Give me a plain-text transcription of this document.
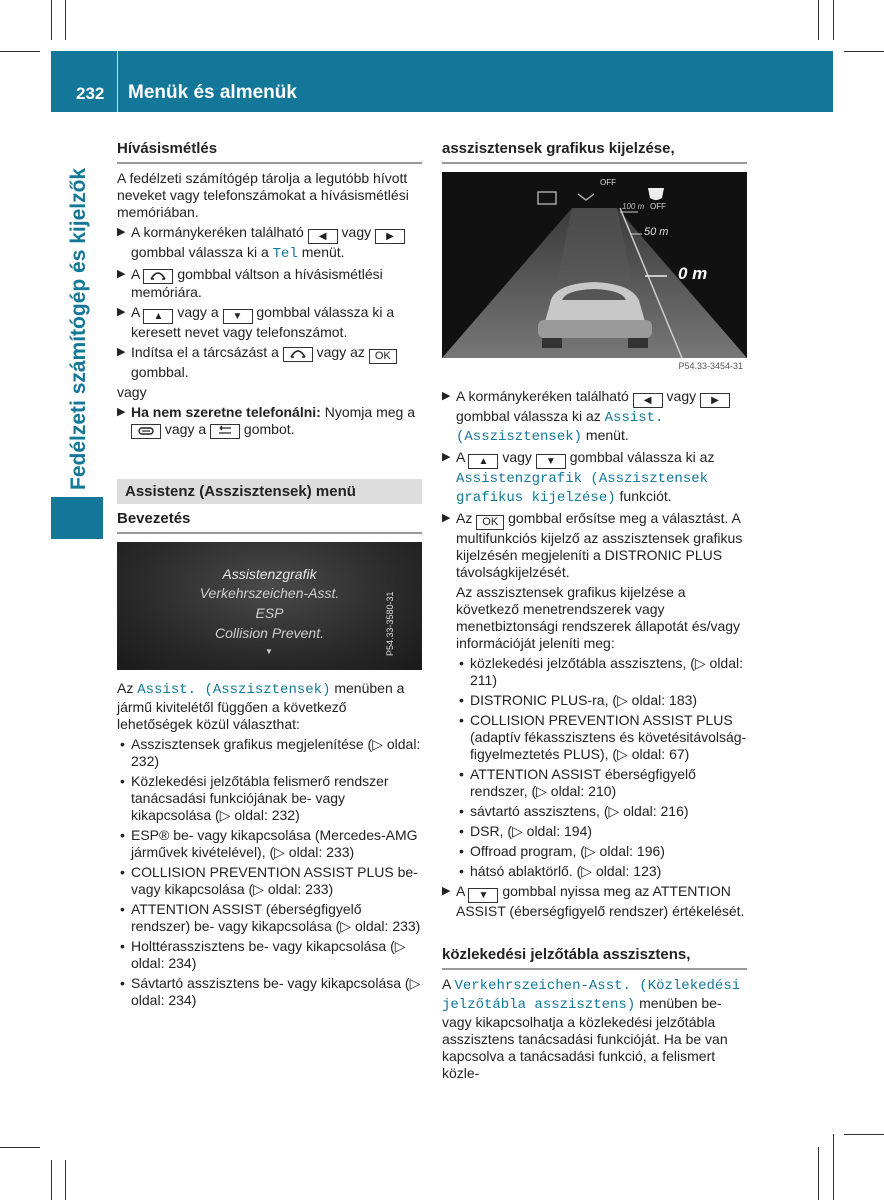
232 Menük és almenük
Fedélzeti számítógép és kijelzők
Hívásismétlés

A fedélzeti számítógép tárolja a legutóbb hívott neveket vagy telefonszámokat a hívásismétlési memóriában.

▶ A kormánykeréken található ◀ vagy ▶ gombbal válassza ki a Tel menüt.
▶ A	gombbal váltson a hívásismétlési memóriára.
▶ A ▲ vagy a ▼ gombbal válassza ki a keresett nevet vagy telefonszámot.
▶ Indítsa el a tárcsázást a	vagy az OK gombbal.

vagy

▶ Ha nem szeretne telefonálni: Nyomja meg a  vagy a	gombot.
Assistenz (Asszisztensek) menü
Bevezetés
Assistenzgrafik
Verkehrszeichen-Asst.
ESP
Collision Prevent.
▼	P54.33-3580-31

Az Assist. (Asszisztensek) menüben a jármű kivitelétől függően a következő lehetőségek közül választhat:

• Asszisztensek grafikus megjelenítése (▷ oldal: 232)
• Közlekedési jelzőtábla felismerő rendszer tanácsadási funkciójának be- vagy kikapcsolása (▷ oldal: 232)
• ESP® be- vagy kikapcsolása (Mercedes-AMG járművek kivételével), (▷ oldal: 233)
• COLLISION PREVENTION ASSIST PLUS be- vagy kikapcsolása (▷ oldal: 233)
• ATTENTION ASSIST (éberségfigyelő rendszer) be- vagy kikapcsolása (▷ oldal: 233)
• Holttérasszisztens be- vagy kikapcsolása (▷ oldal: 234)
• Sávtartó asszisztens be- vagy kikapcsolása (▷ oldal: 234)
asszisztensek grafikus kijelzése,
OFF
OFF
100 m
50 m
0 m
P54.33-3454-31
▶ A kormánykeréken található ◀ vagy ▶ gombbal válassza ki az Assist. (Asszisztensek) menüt.
▶ A ▲ vagy ▼ gombbal válassza ki az Assistenzgrafik (Asszisztensek grafikus kijelzése) funkciót.
▶ Az OK gombbal erősítse meg a választást. A multifunkciós kijelző az asszisztensek grafikus kijelzésén megjeleníti a DISTRONIC PLUS távolságkijelzését.

Az asszisztensek grafikus kijelzése a következő menetrendszerek vagy menetbiztonsági rendszerek állapotát és/vagy információját jeleníti meg:

• közlekedési jelzőtábla asszisztens, (▷ oldal: 211)
• DISTRONIC PLUS-ra, (▷ oldal: 183)
• COLLISION PREVENTION ASSIST PLUS (adaptív fékasszisztens és követésitávolság-figyelmeztetés PLUS), (▷ oldal: 67)
• ATTENTION ASSIST éberségfigyelő rendszer, (▷ oldal: 210)
• sávtartó asszisztens, (▷ oldal: 216)
• DSR, (▷ oldal: 194)
• Offroad program, (▷ oldal: 196)
• hátsó ablaktörlő. (▷ oldal: 123)
▶ A ▼ gombbal nyissa meg az ATTENTION ASSIST (éberségfigyelő rendszer) értékelését.
közlekedési jelzőtábla asszisztens,

A Verkehrszeichen-Asst. (Közlekedési jelzőtábla asszisztens) menüben be- vagy kikapcsolhatja a közlekedési jelzőtábla asszisztens tanácsadási funkcióját. Ha be van kapcsolva a tanácsadási funkció, a felismert közle-
